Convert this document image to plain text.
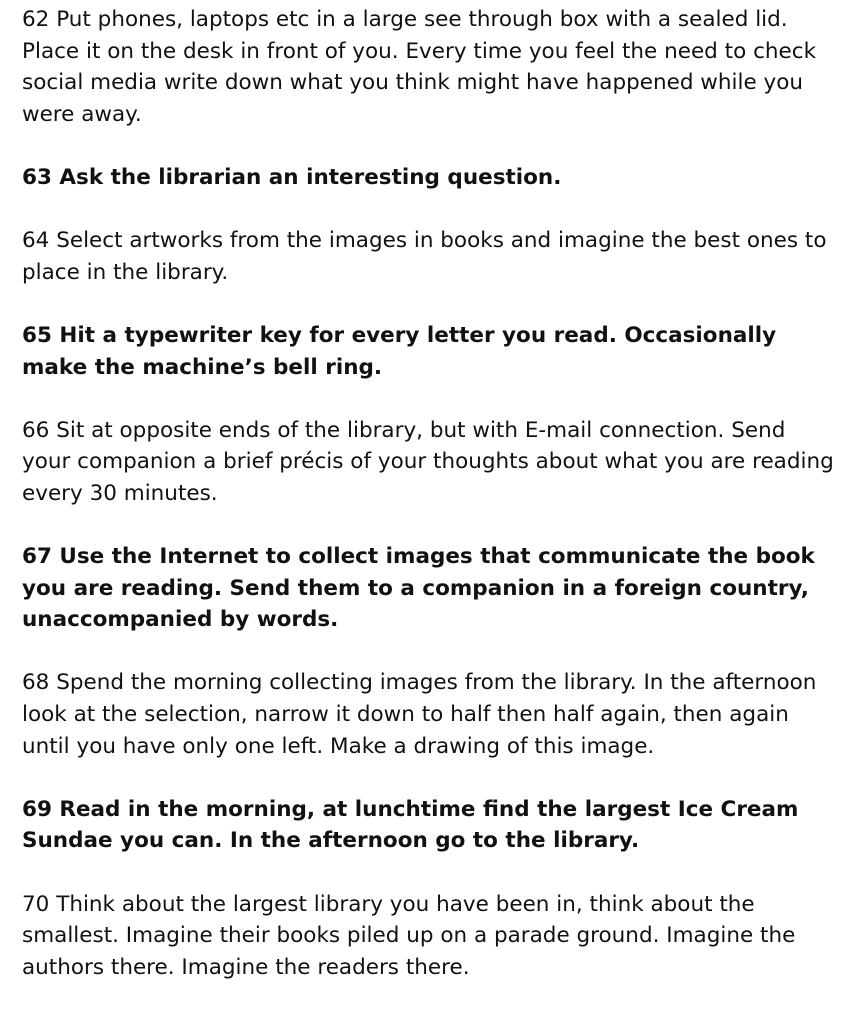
62 Put phones, laptops etc in a large see through box with a sealed lid. Place it on the desk in front of you. Every time you feel the need to check social media write down what you think might have happened while you were away.

63 Ask the librarian an interesting question.

64 Select artworks from the images in books and imagine the best ones to place in the library.

65 Hit a typewriter key for every letter you read. Occasionally make the machine’s bell ring.

66 Sit at opposite ends of the library, but with E-mail connection. Send your companion a brief précis of your thoughts about what you are reading every 30 minutes.

67 Use the Internet to collect images that communicate the book you are reading. Send them to a companion in a foreign country, unaccompanied by words.

68 Spend the morning collecting images from the library. In the afternoon look at the selection, narrow it down to half then half again, then again until you have only one left. Make a drawing of this image.

69 Read in the morning, at lunchtime find the largest Ice Cream Sundae you can. In the afternoon go to the library.

70 Think about the largest library you have been in, think about the smallest. Imagine their books piled up on a parade ground. Imagine the authors there. Imagine the readers there.
